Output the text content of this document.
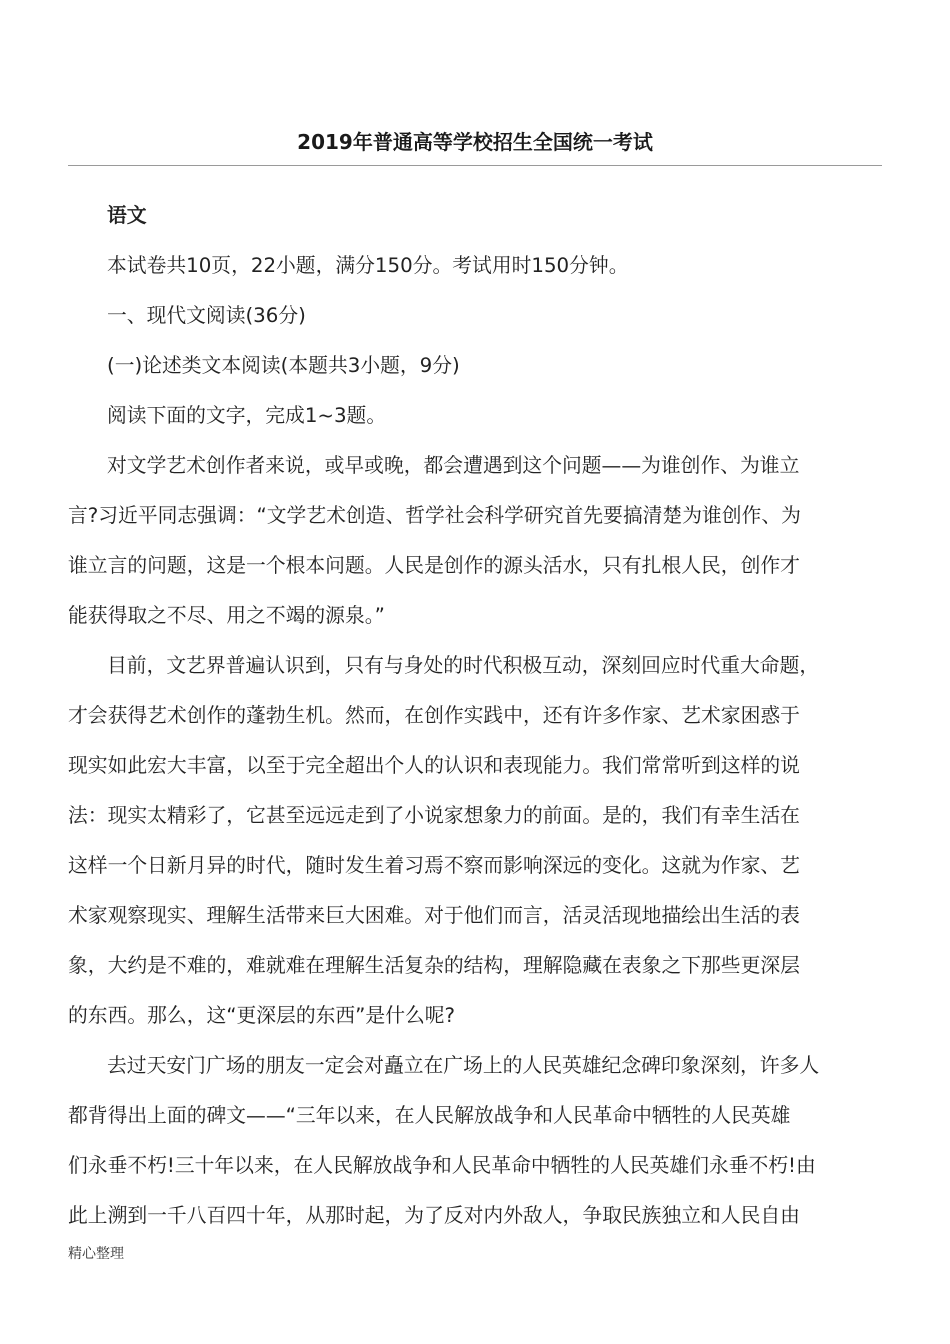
2019年普通高等学校招生全国统一考试
语文
本试卷共10页，22小题，满分150分。考试用时150分钟。
一、现代文阅读(36分)
(一)论述类文本阅读(本题共3小题，9分)
阅读下面的文字，完成1~3题。
对文学艺术创作者来说，或早或晚，都会遭遇到这个问题——为谁创作、为谁立
言?习近平同志强调：“文学艺术创造、哲学社会科学研究首先要搞清楚为谁创作、为
谁立言的问题，这是一个根本问题。人民是创作的源头活水，只有扎根人民，创作才
能获得取之不尽、用之不竭的源泉。”
目前，文艺界普遍认识到，只有与身处的时代积极互动，深刻回应时代重大命题，
才会获得艺术创作的蓬勃生机。然而，在创作实践中，还有许多作家、艺术家困惑于
现实如此宏大丰富，以至于完全超出个人的认识和表现能力。我们常常听到这样的说
法：现实太精彩了，它甚至远远走到了小说家想象力的前面。是的，我们有幸生活在
这样一个日新月异的时代，随时发生着习焉不察而影响深远的变化。这就为作家、艺
术家观察现实、理解生活带来巨大困难。对于他们而言，活灵活现地描绘出生活的表
象，大约是不难的，难就难在理解生活复杂的结构，理解隐藏在表象之下那些更深层
的东西。那么，这“更深层的东西”是什么呢?
去过天安门广场的朋友一定会对矗立在广场上的人民英雄纪念碑印象深刻，许多人
都背得出上面的碑文——“三年以来，在人民解放战争和人民革命中牺牲的人民英雄
们永垂不朽!三十年以来，在人民解放战争和人民革命中牺牲的人民英雄们永垂不朽!由
此上溯到一千八百四十年，从那时起，为了反对内外敌人，争取民族独立和人民自由
精心整理
